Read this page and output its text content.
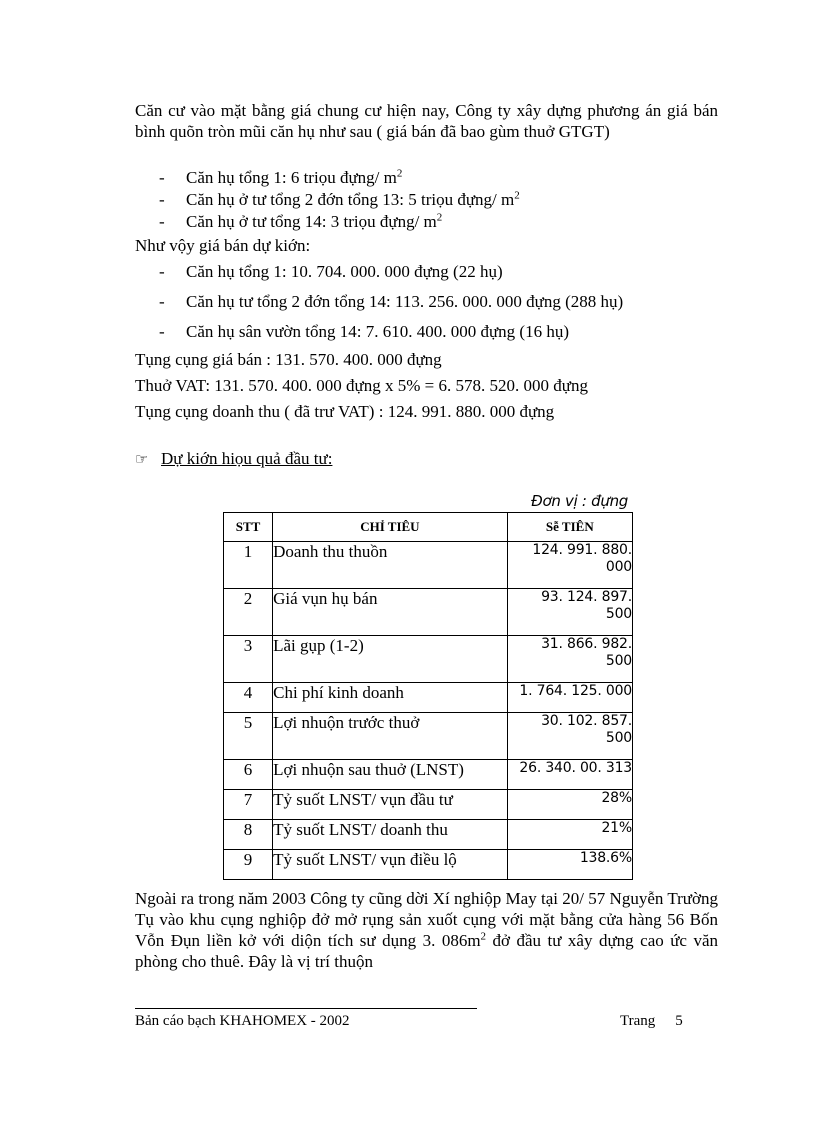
Căn cư vào mặt bằng giá chung cư hiện nay, Công ty xây dựng phương án giá bán bình quõn tròn mũi căn hụ như sau ( giá bán đã bao gùm thuở GTGT)
- Căn hụ tổng 1: 6 triọu đựng/ $m^2$
- Căn hụ ở tư tổng 2 đớn tổng 13: 5 triọu đựng/ $m^2$
- Căn hụ ở tư tổng 14: 3 triọu đựng/ $m^2$
Như vộy giá bán dự kiớn:
- Căn hụ tổng 1: 10. 704. 000. 000 đựng (22 hụ)
- Căn hụ tư tổng 2 đớn tổng 14: 113. 256. 000. 000 đựng (288 hụ)
- Căn hụ sân vườn tổng 14: 7. 610. 400. 000 đựng (16 hụ)
Tụng cụng giá bán : 131. 570. 400. 000 đựng
Thuở VAT: 131. 570. 400. 000 đựng x 5% = 6. 578. 520. 000 đựng
Tụng cụng doanh thu ( đã trư VAT) : 124. 991. 880. 000 đựng
☞ Dự kiớn hiọu quả đầu tư:
Đơn vị : đựng
STT	CHỈ TIÊU	Sễ TIÊN
1	Doanh thu thuồn	124. 991. 880.
000

2	Giá vụn hụ bán	93. 124. 897.
500

3	Lãi gụp (1-2)	31. 866. 982.
500

4	Chi phí kinh doanh	1. 764. 125. 000
5	Lợi nhuộn trước thuở	30. 102. 857.
500

6	Lợi nhuộn sau thuở (LNST)	26. 340. 00. 313
7	Tỷ suốt LNST/ vụn đầu tư	28%
8	Tỷ suốt LNST/ doanh thu	21%
9	Tỷ suốt LNST/ vụn điều lộ	138.6%
Ngoài ra trong năm 2003 Công ty cũng dời Xí nghiộp May tại 20/ 57 Nguyễn Trường Tụ vào khu cụng nghiộp đở mở rụng sản xuốt cụng với mặt bằng cửa hàng 56 Bốn Vỗn Đụn liền kở với diộn tích sư dụng 3. $086m^2$ đở đầu tư xây dựng cao ức văn phòng cho thuê. Đây là vị trí thuộn
Bản cáo bạch KHAHOMEX - 2002	Trang 5
